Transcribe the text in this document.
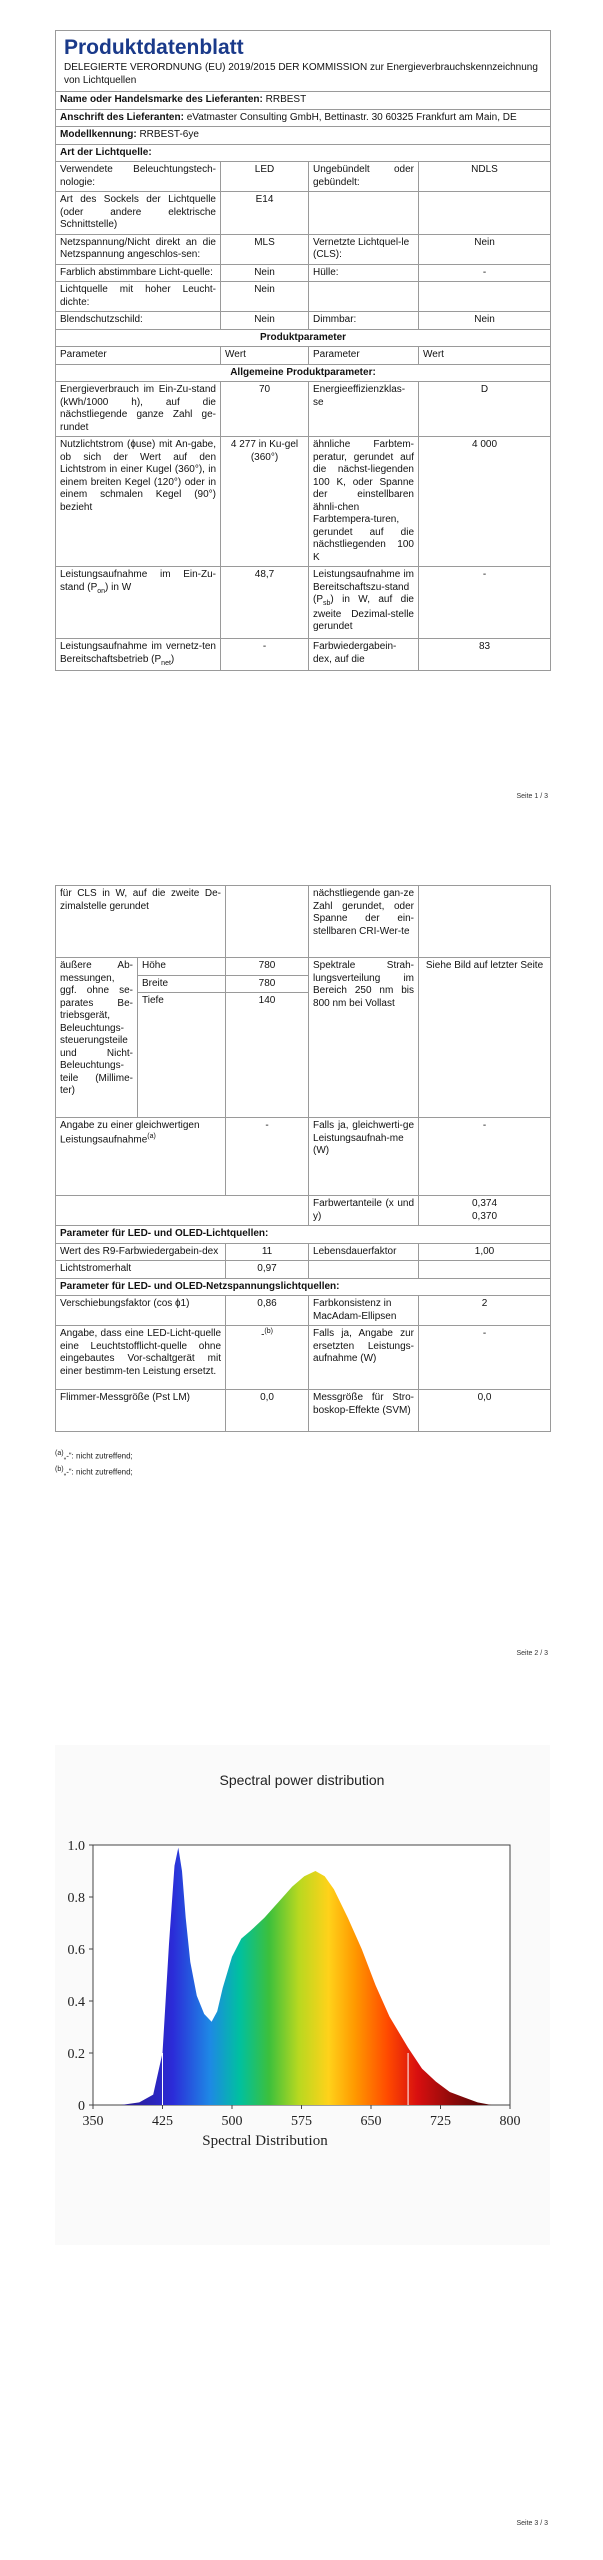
Produktdatenblatt
DELEGIERTE VERORDNUNG (EU) 2019/2015 DER KOMMISSION zur Energieverbrauchskennzeichnung von Lichtquellen			

Name oder Handelsmarke des Lieferanten: RRBEST			
Anschrift des Lieferanten: eVatmaster Consulting GmbH, Bettinastr. 30 60325 Frankfurt am Main, DE			
Modellkennung: RRBEST-6ye			
Art der Lichtquelle:			
Verwendete Beleuchtungstech-nologie:	LED	Ungebündelt oder gebündelt:	NDLS
Art des Sockels der Lichtquelle (oder andere elektrische Schnittstelle)	E14		
Netzspannung/Nicht direkt an die Netzspannung angeschlos-sen:	MLS	Vernetzte Lichtquel-le (CLS):	Nein
Farblich abstimmbare Licht-quelle:	Nein	Hülle:	-
Lichtquelle mit hoher Leucht-dichte:	Nein		
Blendschutzschild:	Nein	Dimmbar:	Nein
Produktparameter			
Parameter	Wert	Parameter	Wert
Allgemeine Produktparameter:			
Energieverbrauch im Ein-Zu-stand (kWh/1000 h), auf die nächstliegende ganze Zahl ge-rundet	70	Energieeffizienzklas-se	D
Nutzlichtstrom (ɸuse) mit An-gabe, ob sich der Wert auf den Lichtstrom in einer Kugel (360°), in einem breiten Kegel (120°) oder in einem schmalen Kegel (90°) bezieht	4 277 in Ku-gel (360°)	ähnliche Farbtem-peratur, gerundet auf die nächst-liegenden 100 K, oder Spanne der einstellbaren ähnli-chen Farbtempera-turen, gerundet auf die nächstliegenden 100 K	4 000
Leistungsaufnahme im Ein-Zu-stand $(P_{on})$ in W	48,7	Leistungsaufnahme im Bereitschaftszu-stand $(P_{sb})$ in W, auf die zweite Dezimal-stelle gerundet	-
Leistungsaufnahme im vernetz-ten Bereitschaftsbetrieb $(P_{net})$	-	Farbwiedergabein-dex, auf die	83
Seite 1 / 3
für CLS in W, auf die zweite De-zimalstelle gerundet			nächstliegende gan-ze Zahl gerundet, oder Spanne der ein-stellbaren CRI-Wer-te	
äußere Ab-messungen, ggf. ohne se-parates Be-triebsgerät, Beleuchtungs-steuerungsteile und Nicht-Beleuchtungs-teile (Millime-ter)	Höhe	780	Spektrale Strah-lungsverteilung im Bereich 250 nm bis 800 nm bei Vollast	Siehe Bild auf letzter Seite
	Breite	780		
	Tiefe	140		
Angabe zu einer gleichwertigen Leistungsaufnahme$^{(a)}$		-	Falls ja, gleichwerti-ge Leistungsaufnah-me (W)	-
			Farbwertanteile (x und y)	0,374
0,370

Parameter für LED- und OLED-Lichtquellen:				
Wert des R9-Farbwiedergabein-dex		11	Lebensdauerfaktor	1,00
Lichtstromerhalt		0,97		
Parameter für LED- und OLED-Netzspannungslichtquellen:				
Verschiebungsfaktor (cos ɸ1)		0,86	Farbkonsistenz in MacAdam-Ellipsen	2
Angabe, dass eine LED-Licht-quelle eine Leuchtstofflicht-quelle ohne eingebautes Vor-schaltgerät mit einer bestimm-ten Leistung ersetzt.		-$^{(b)}$	Falls ja, Angabe zur ersetzten Leistungs-aufnahme (W)	-
Flimmer-Messgröße (Pst LM)		0,0	Messgröße für Stro-boskop-Effekte (SVM)	0,0
(a)„-“: nicht zutreffend;
(b)„-“: nicht zutreffend;
Seite 2 / 3
Spectral power distribution
0
0.2
0.4
0.6
0.8
1.0
350	425	500	575	650	725	800
Spectral Distribution
Seite 3 / 3
